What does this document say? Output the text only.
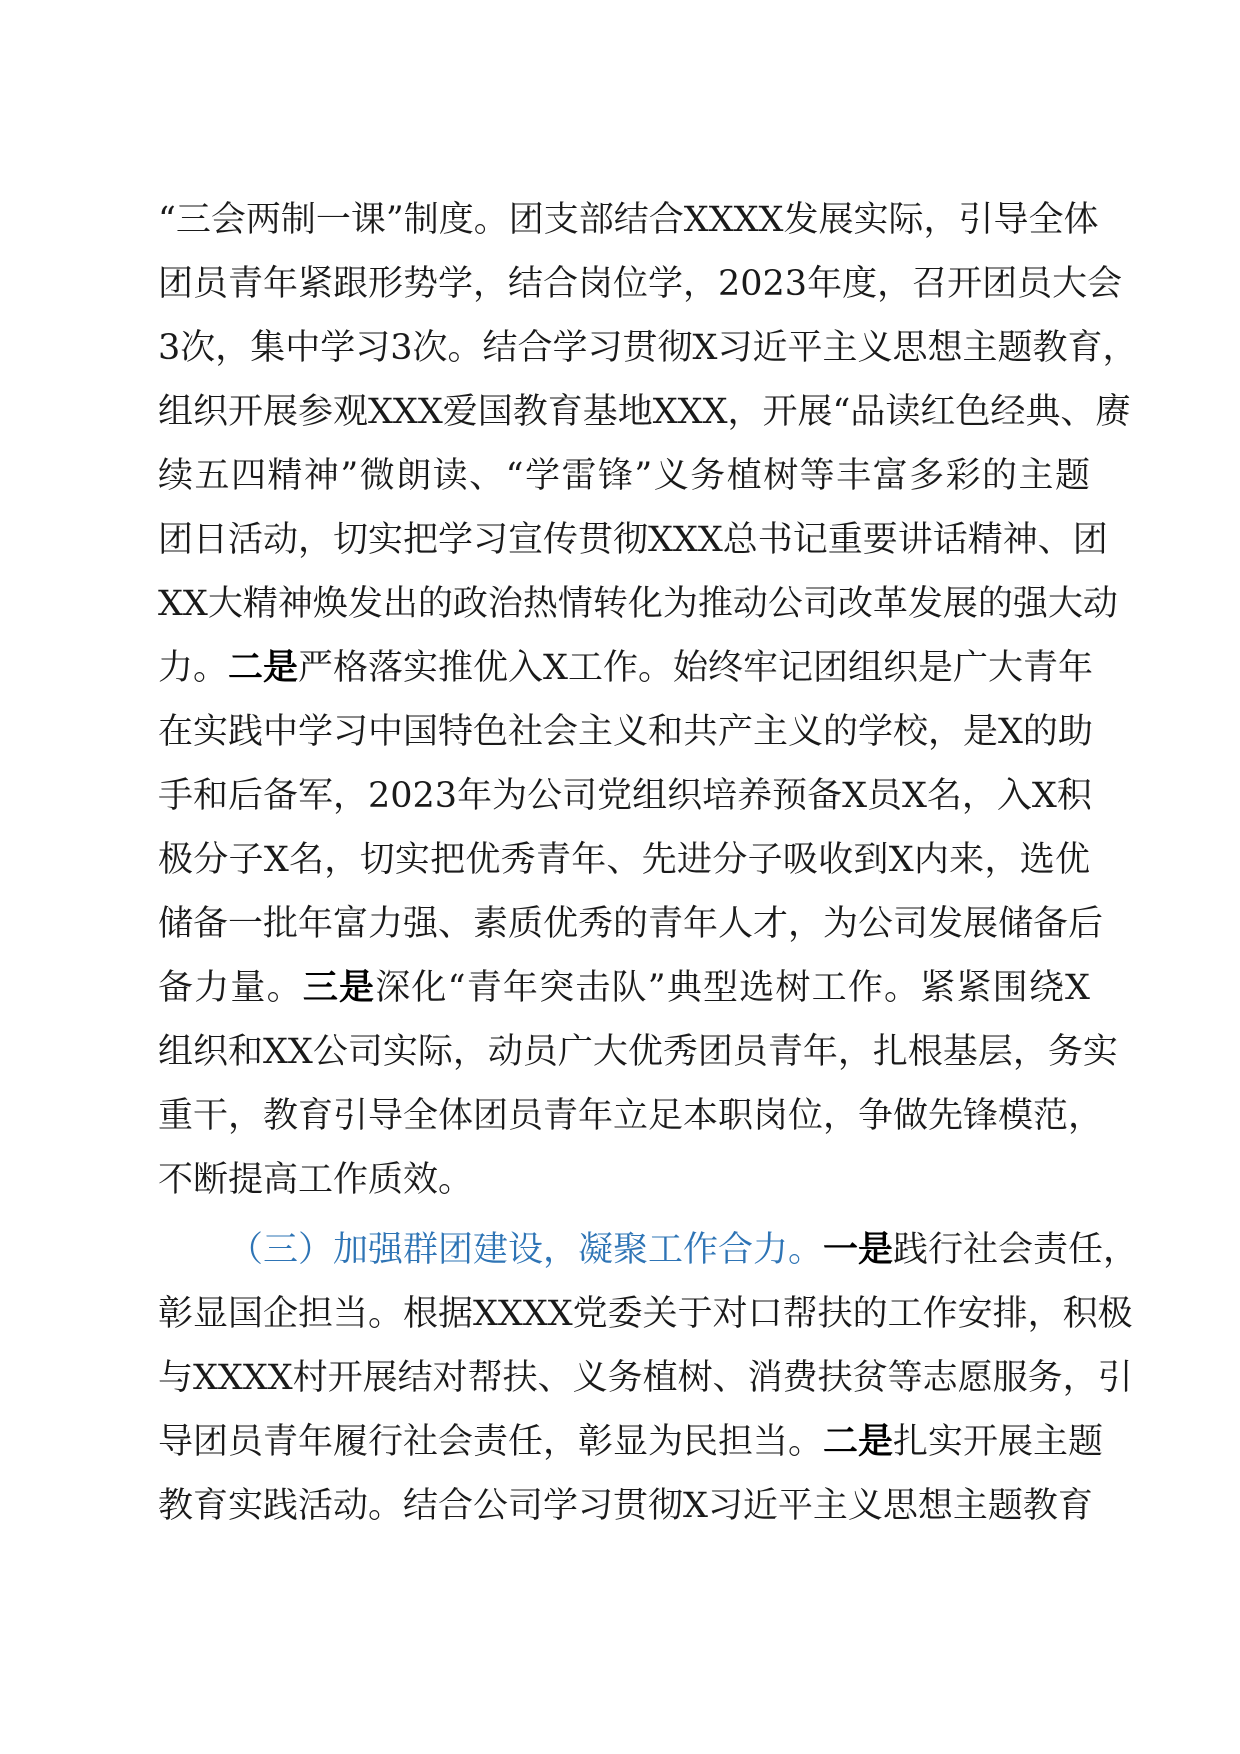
“三会两制一课”制度。团支部结合XXXX发展实际，引导全体
团员青年紧跟形势学，结合岗位学，2023年度，召开团员大会
3次，集中学习3次。结合学习贯彻X习近平主义思想主题教育，
组织开展参观XXX爱国教育基地XXX，开展“品读红色经典、赓
续五四精神”微朗读、“学雷锋”义务植树等丰富多彩的主题
团日活动，切实把学习宣传贯彻XXX总书记重要讲话精神、团
XX大精神焕发出的政治热情转化为推动公司改革发展的强大动
力。二是严格落实推优入X工作。始终牢记团组织是广大青年
在实践中学习中国特色社会主义和共产主义的学校，是X的助
手和后备军，2023年为公司党组织培养预备X员X名，入X积
极分子X名，切实把优秀青年、先进分子吸收到X内来，选优
储备一批年富力强、素质优秀的青年人才，为公司发展储备后
备力量。三是深化“青年突击队”典型选树工作。紧紧围绕X
组织和XX公司实际，动员广大优秀团员青年，扎根基层，务实
重干，教育引导全体团员青年立足本职岗位，争做先锋模范，
不断提高工作质效。
（三）加强群团建设，凝聚工作合力。一是践行社会责任，
彰显国企担当。根据XXXX党委关于对口帮扶的工作安排，积极
与XXXX村开展结对帮扶、义务植树、消费扶贫等志愿服务，引
导团员青年履行社会责任，彰显为民担当。二是扎实开展主题
教育实践活动。结合公司学习贯彻X习近平主义思想主题教育
